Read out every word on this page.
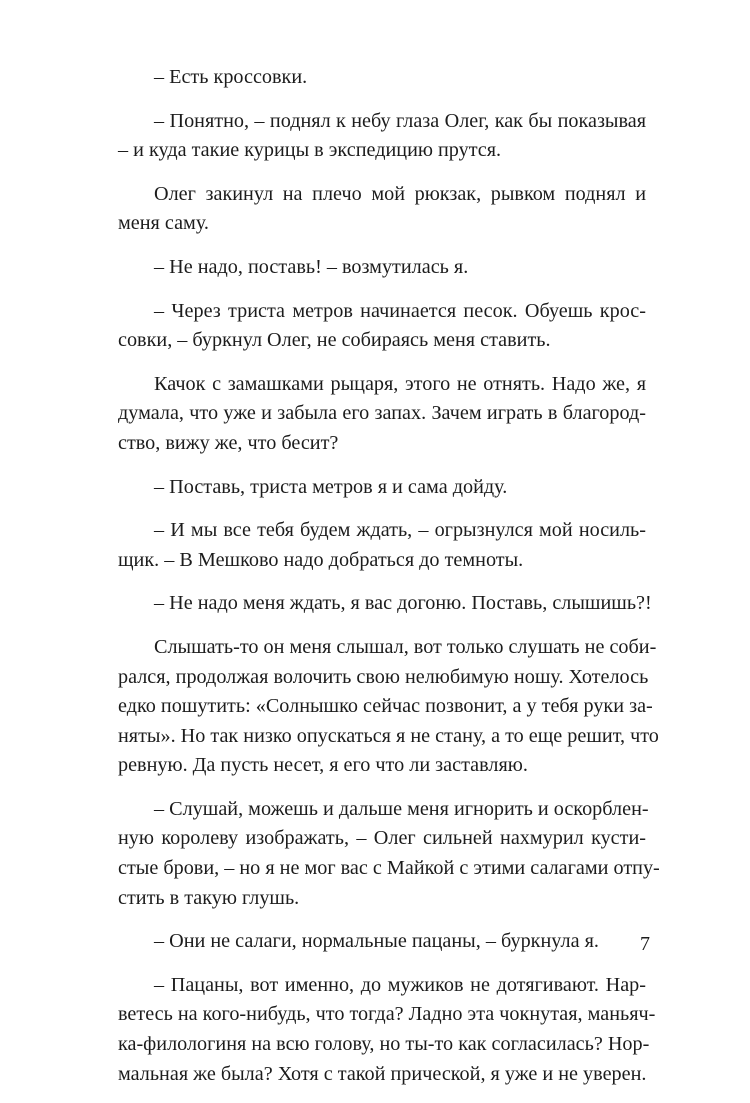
– Есть кроссовки.

– Понятно, – поднял к небу глаза Олег, как бы показывая
– и куда такие курицы в экспедицию прутся.

Олег закинул на плечо мой рюкзак, рывком поднял и
меня саму.

– Не надо, поставь! – возмутилась я.

– Через триста метров начинается песок. Обуешь крос-
совки, – буркнул Олег, не собираясь меня ставить.

Качок с замашками рыцаря, этого не отнять. Надо же, я
думала, что уже и забыла его запах. Зачем играть в благород-
ство, вижу же, что бесит?

– Поставь, триста метров я и сама дойду.

– И мы все тебя будем ждать, – огрызнулся мой носиль-
щик. – В Мешково надо добраться до темноты.

– Не надо меня ждать, я вас догоню. Поставь, слышишь?!

Слышать-то он меня слышал, вот только слушать не соби-
рался, продолжая волочить свою нелюбимую ношу. Хотелось
едко пошутить: «Солнышко сейчас позвонит, а у тебя руки за-
няты». Но так низко опускаться я не стану, а то еще решит, что
ревную. Да пусть несет, я его что ли заставляю.

– Слушай, можешь и дальше меня игнорить и оскорблен-
ную королеву изображать, – Олег сильней нахмурил кусти-
стые брови, – но я не мог вас с Майкой с этими салагами отпу-
стить в такую глушь.

– Они не салаги, нормальные пацаны, – буркнула я.

– Пацаны, вот именно, до мужиков не дотягивают. Нар-
ветесь на кого-нибудь, что тогда? Ладно эта чокнутая, маньяч-
ка-филологиня на всю голову, но ты-то как согласилась? Нор-
мальная же была? Хотя с такой прической, я уже и не уверен.

7
